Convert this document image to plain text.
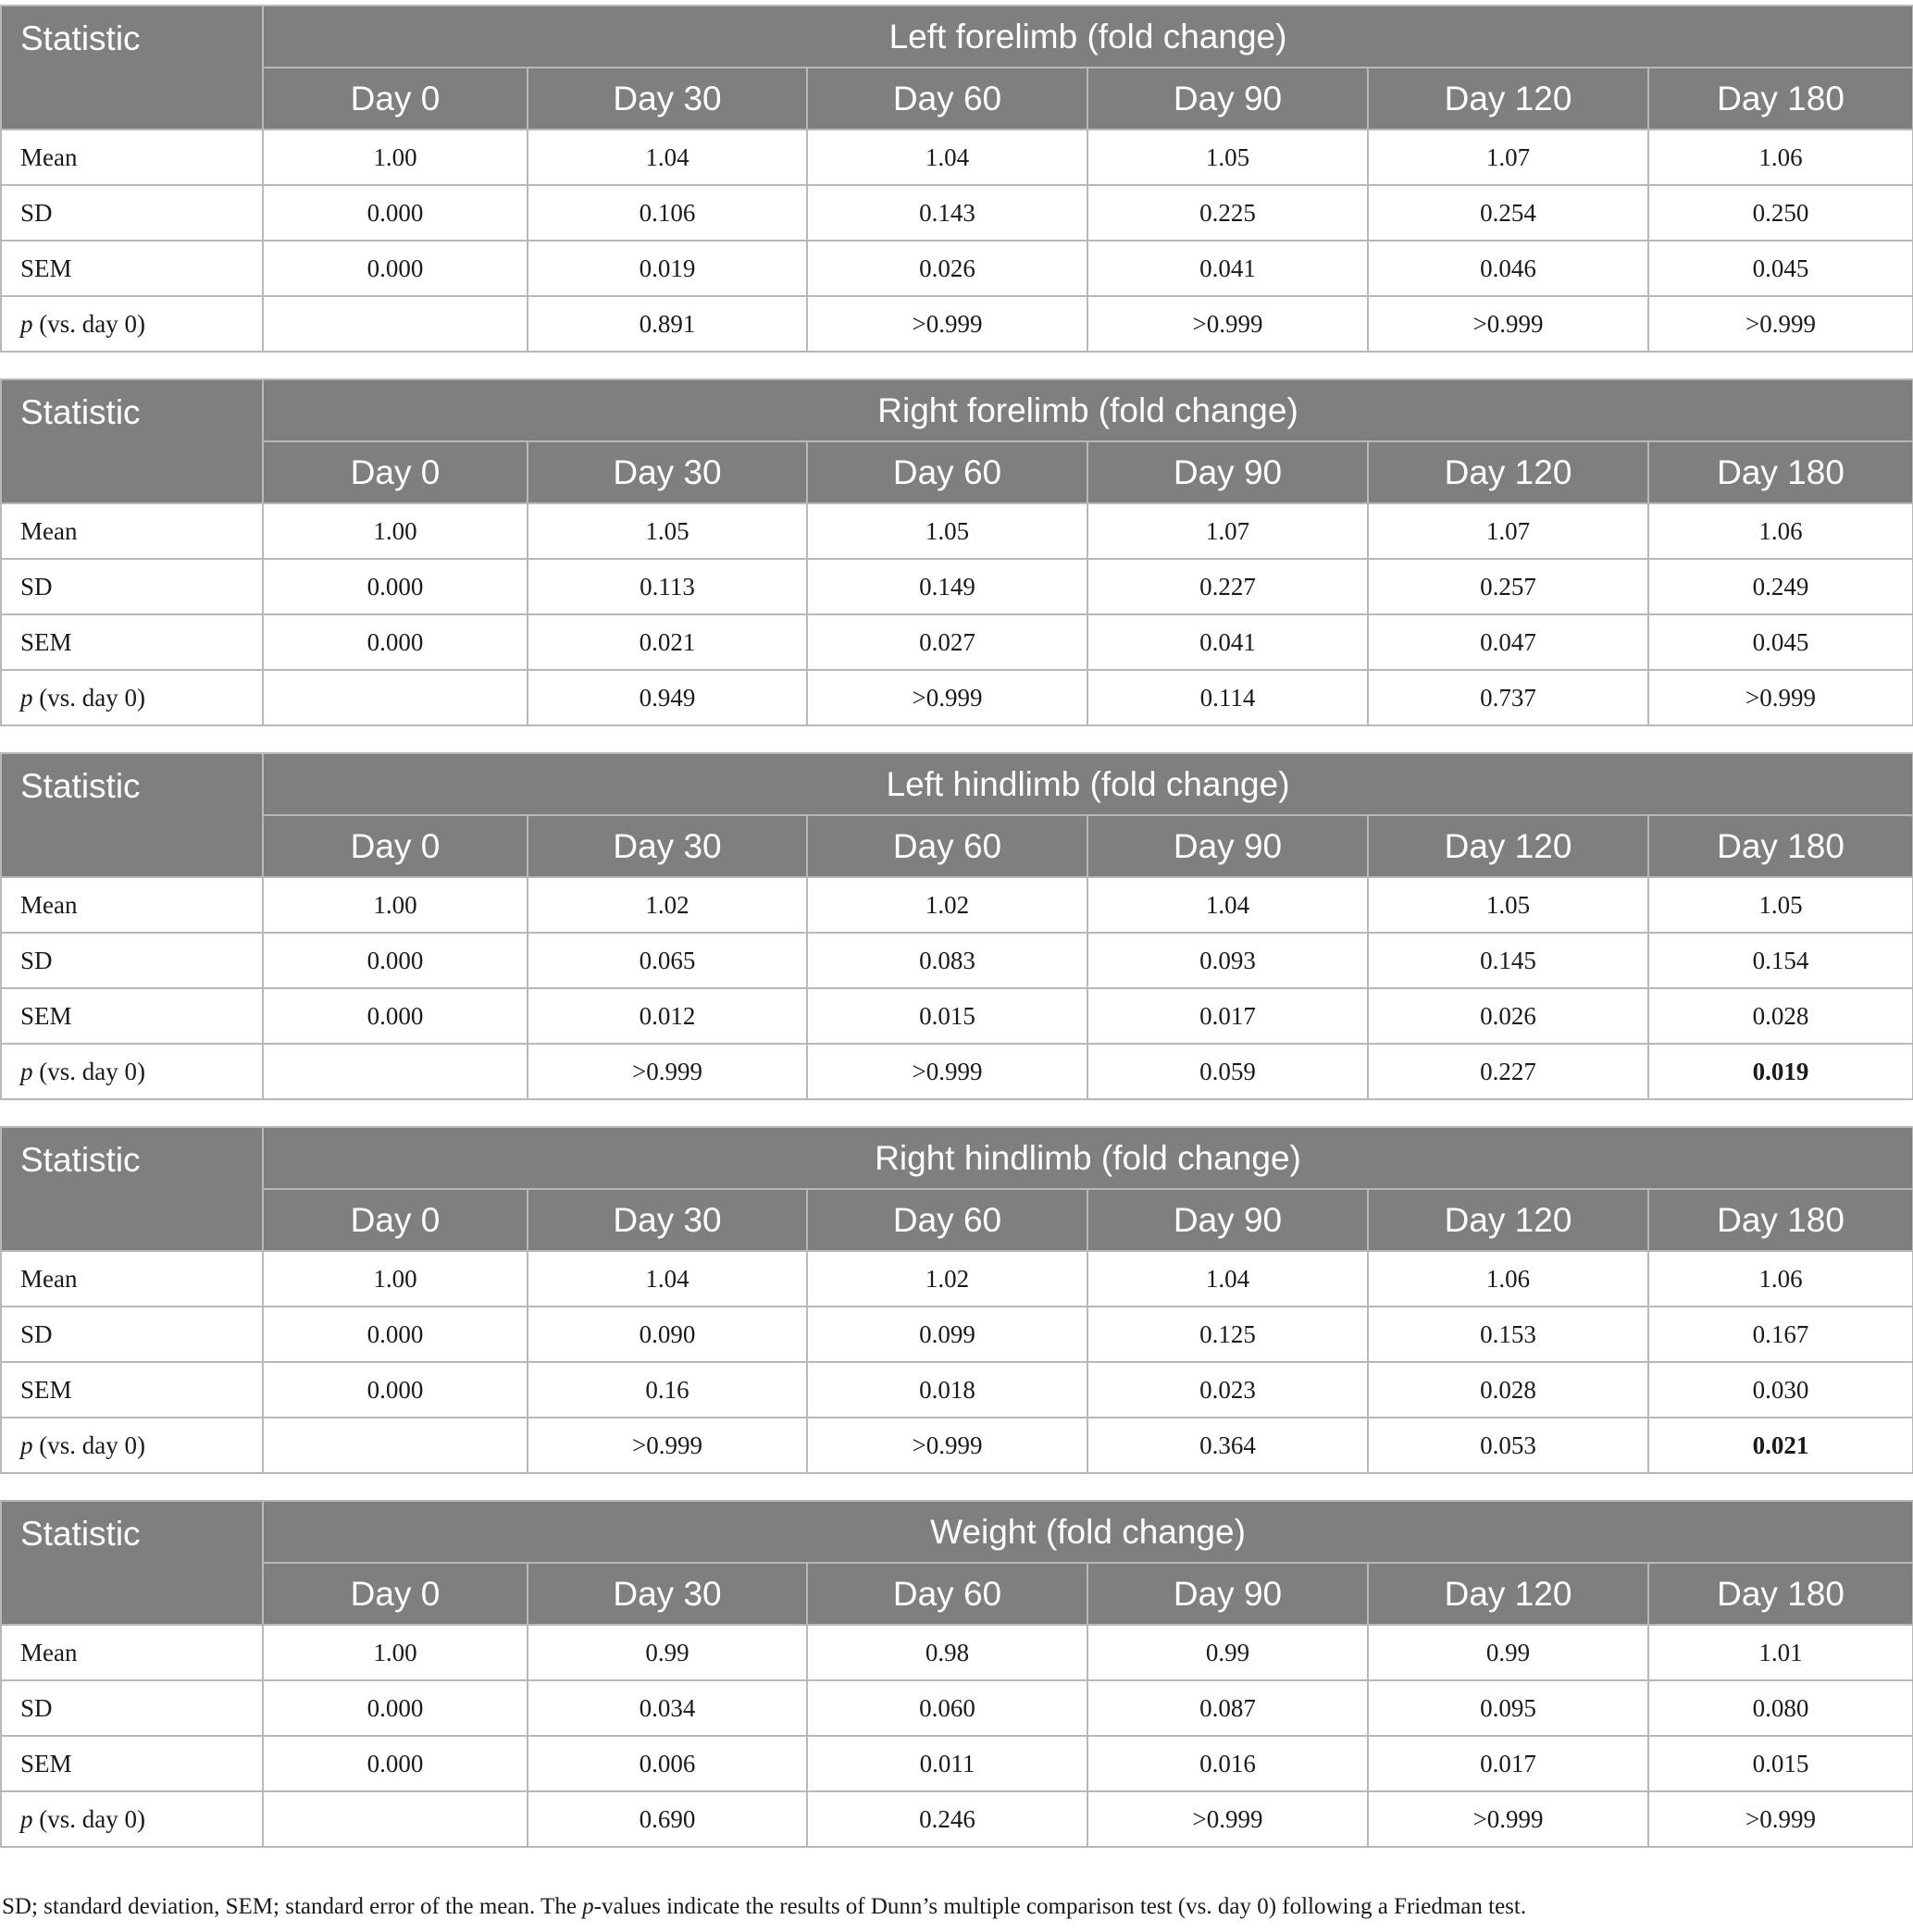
Statistic	Left forelimb (fold change)					
	Day 0	Day 30	Day 60	Day 90	Day 120	Day 180
Mean	1.00	1.04	1.04	1.05	1.07	1.06
SD	0.000	0.106	0.143	0.225	0.254	0.250
SEM	0.000	0.019	0.026	0.041	0.046	0.045
p (vs. day 0)		0.891	>0.999	>0.999	>0.999	>0.999
Statistic	Right forelimb (fold change)					
	Day 0	Day 30	Day 60	Day 90	Day 120	Day 180
Mean	1.00	1.05	1.05	1.07	1.07	1.06
SD	0.000	0.113	0.149	0.227	0.257	0.249
SEM	0.000	0.021	0.027	0.041	0.047	0.045
p (vs. day 0)		0.949	>0.999	0.114	0.737	>0.999
Statistic	Left hindlimb (fold change)					
	Day 0	Day 30	Day 60	Day 90	Day 120	Day 180
Mean	1.00	1.02	1.02	1.04	1.05	1.05
SD	0.000	0.065	0.083	0.093	0.145	0.154
SEM	0.000	0.012	0.015	0.017	0.026	0.028
p (vs. day 0)		>0.999	>0.999	0.059	0.227	0.019
Statistic	Right hindlimb (fold change)					
	Day 0	Day 30	Day 60	Day 90	Day 120	Day 180
Mean	1.00	1.04	1.02	1.04	1.06	1.06
SD	0.000	0.090	0.099	0.125	0.153	0.167
SEM	0.000	0.16	0.018	0.023	0.028	0.030
p (vs. day 0)		>0.999	>0.999	0.364	0.053	0.021
Statistic	Weight (fold change)					
	Day 0	Day 30	Day 60	Day 90	Day 120	Day 180
Mean	1.00	0.99	0.98	0.99	0.99	1.01
SD	0.000	0.034	0.060	0.087	0.095	0.080
SEM	0.000	0.006	0.011	0.016	0.017	0.015
p (vs. day 0)		0.690	0.246	>0.999	>0.999	>0.999
SD; standard deviation, SEM; standard error of the mean. The p-values indicate the results of Dunn’s multiple comparison test (vs. day 0) following a Friedman test.
